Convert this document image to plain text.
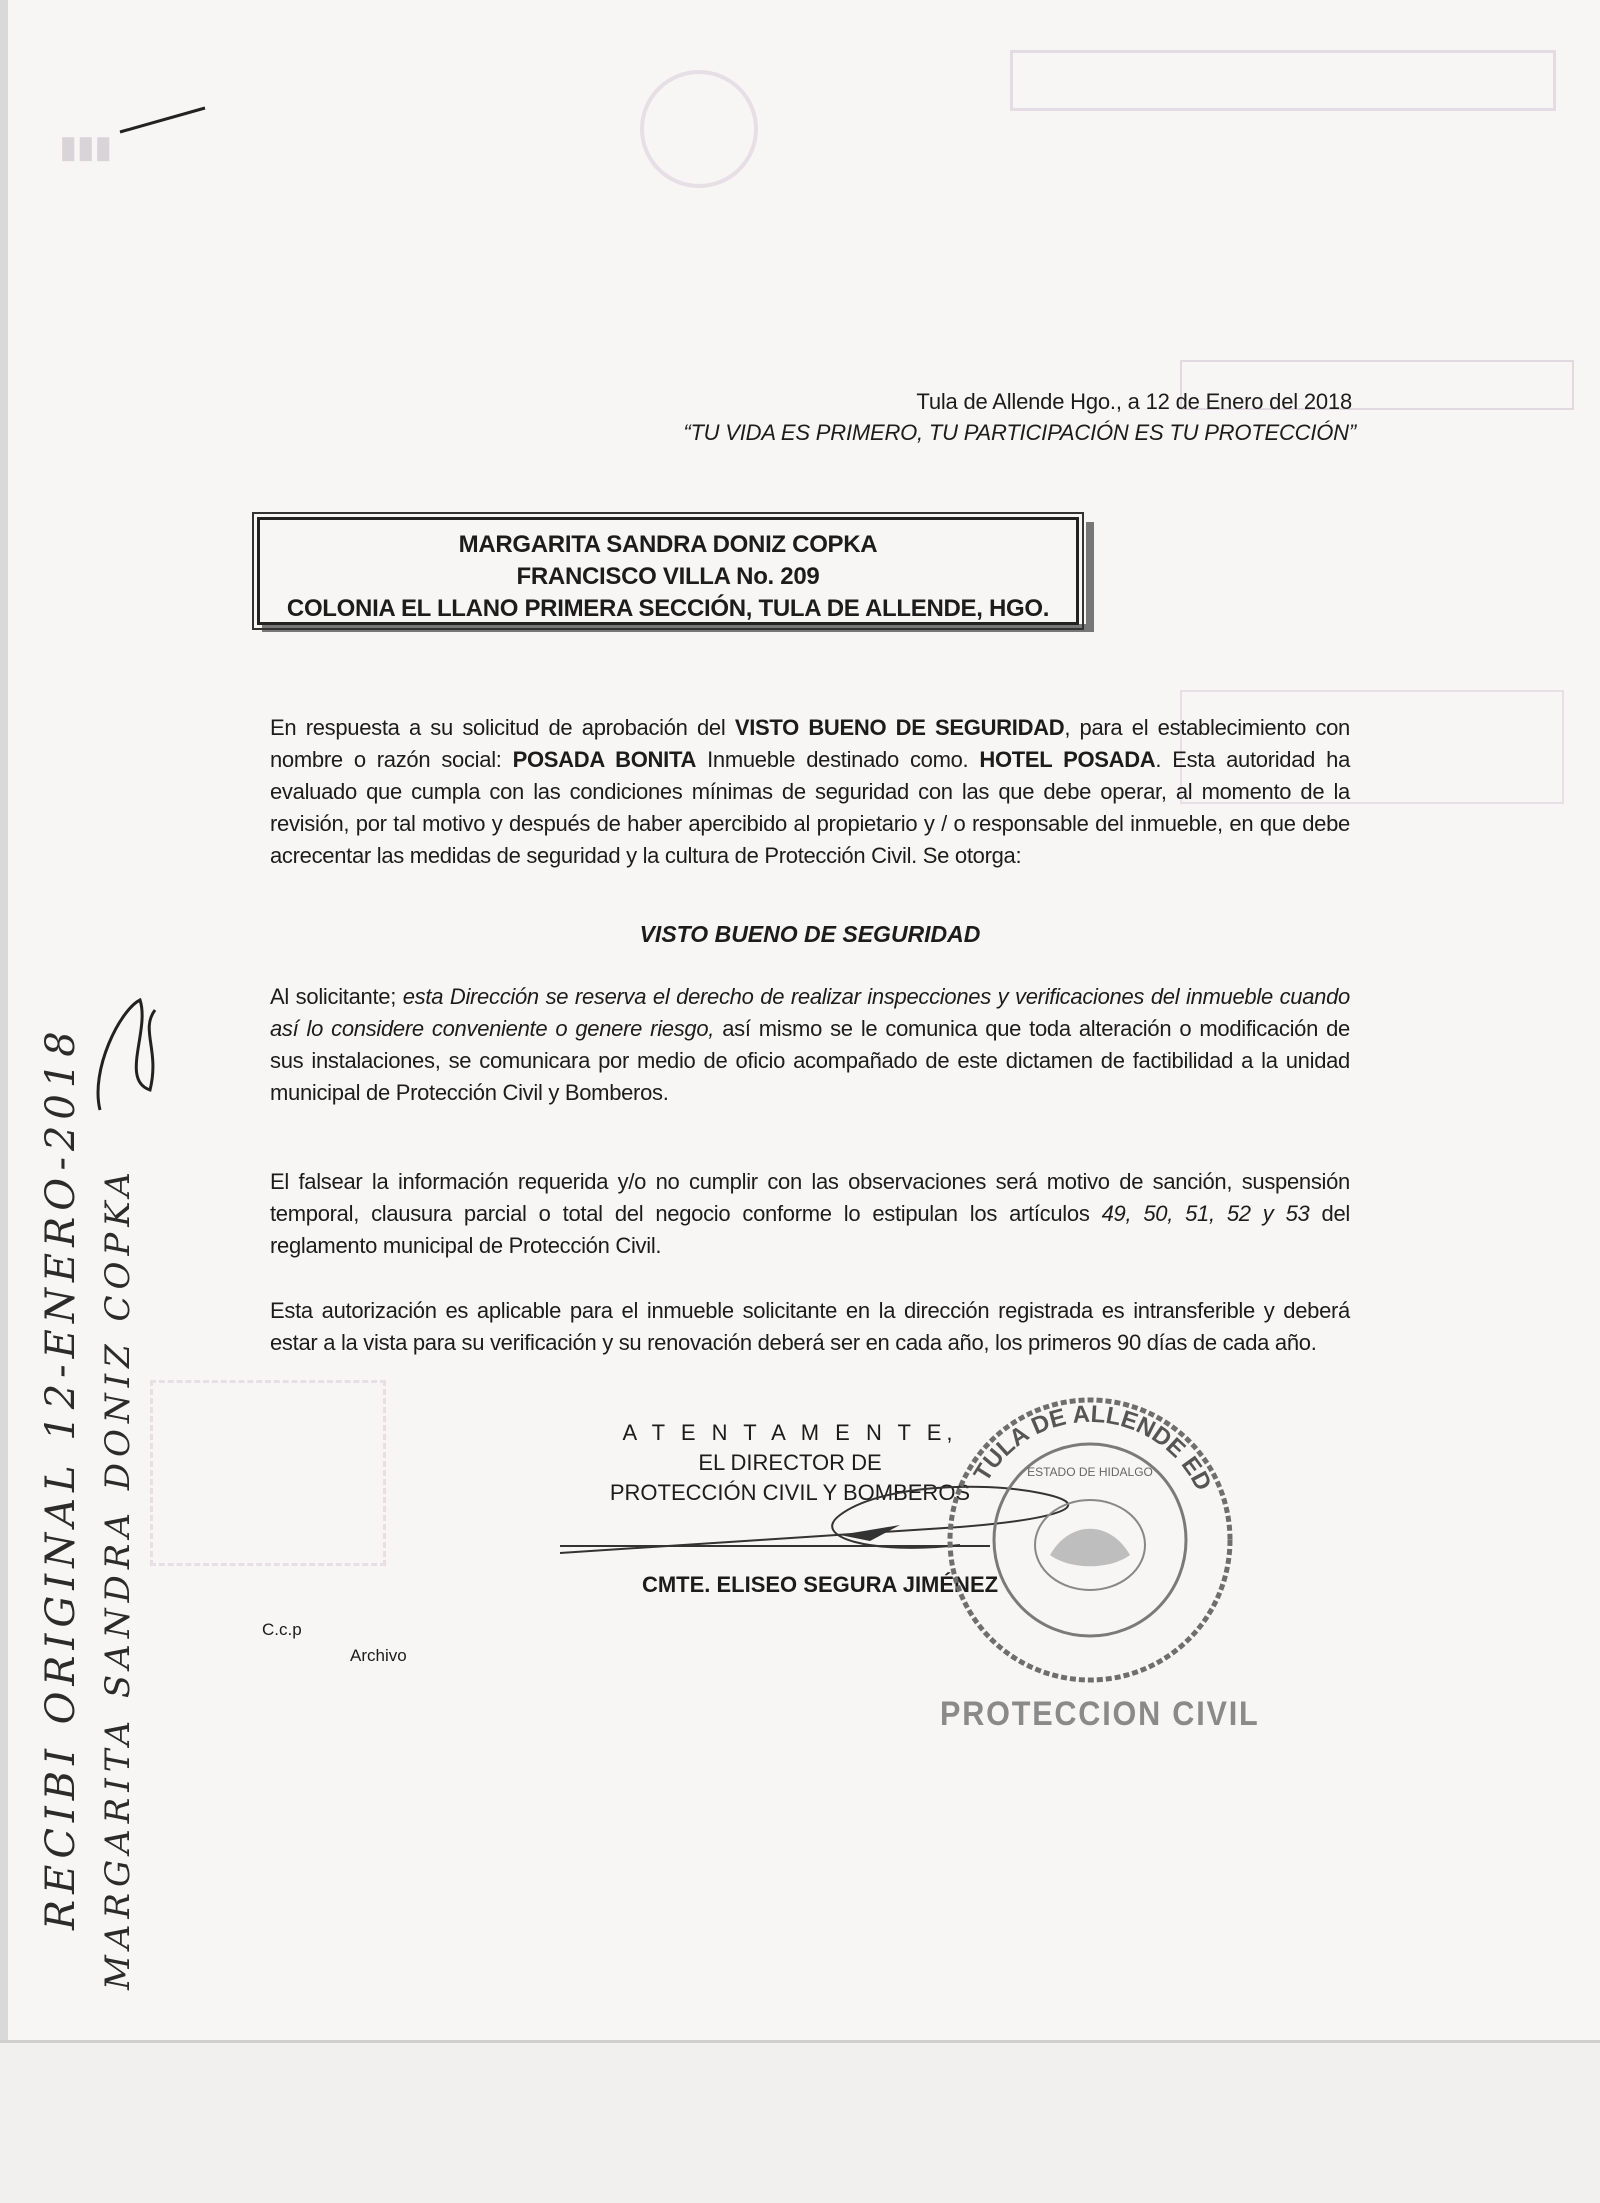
▮▮▮
Tula de Allende Hgo., a 12 de Enero del 2018
“TU VIDA ES PRIMERO, TU PARTICIPACIÓN ES TU PROTECCIÓN”
MARGARITA SANDRA DONIZ COPKA
FRANCISCO VILLA No. 209
COLONIA EL LLANO PRIMERA SECCIÓN, TULA DE ALLENDE, HGO.
En respuesta a su solicitud de aprobación del VISTO BUENO DE SEGURIDAD, para el establecimiento con nombre o razón social: POSADA BONITA Inmueble destinado como. HOTEL POSADA. Esta autoridad ha evaluado que cumpla con las condiciones mínimas de seguridad con las que debe operar, al momento de la revisión, por tal motivo y después de haber apercibido al propietario y / o responsable del inmueble, en que debe acrecentar las medidas de seguridad y la cultura de Protección Civil. Se otorga:
VISTO BUENO DE SEGURIDAD
Al solicitante; esta Dirección se reserva el derecho de realizar inspecciones y verificaciones del inmueble cuando así lo considere conveniente o genere riesgo, así mismo se le comunica que toda alteración o modificación de sus instalaciones, se comunicara por medio de oficio acompañado de este dictamen de factibilidad a la unidad municipal de Protección Civil y Bomberos.
El falsear la información requerida y/o no cumplir con las observaciones será motivo de sanción, suspensión temporal, clausura parcial o total del negocio conforme lo estipulan los artículos 49, 50, 51, 52 y 53 del reglamento municipal de Protección Civil.
Esta autorización es aplicable para el inmueble solicitante en la dirección registrada es intransferible y deberá estar a la vista para su verificación y su renovación deberá ser en cada año, los primeros 90 días de cada año.
A T E N T A M E N T E,
EL DIRECTOR DE
PROTECCIÓN CIVIL Y BOMBEROS
CMTE. ELISEO SEGURA JIMÉNEZ
TULA DE ALLENDE ED
ESTADO DE HIDALGO
PROTECCION CIVIL
C.c.p
Archivo
RECIBI ORIGINAL 12-ENERO-2018 MARGARITA SANDRA DONIZ COPKA
